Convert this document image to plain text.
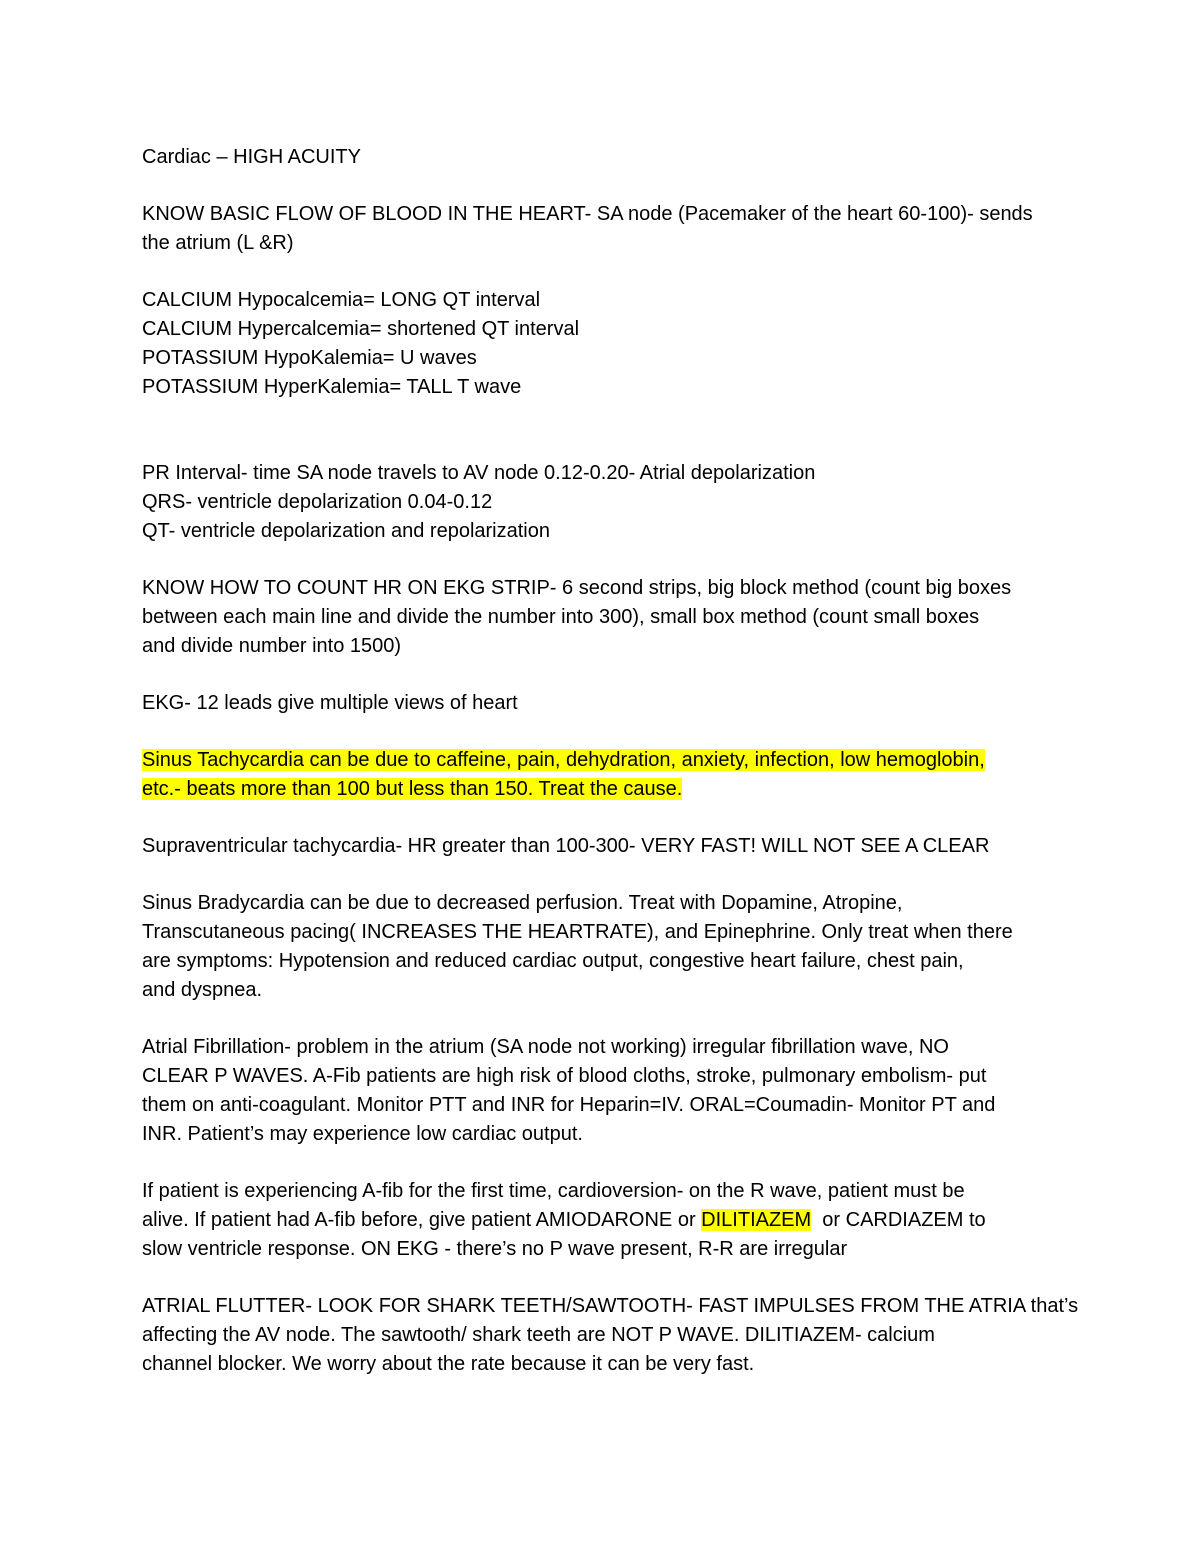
Cardiac – HIGH ACUITY

KNOW BASIC FLOW OF BLOOD IN THE HEART- SA node (Pacemaker of the heart 60-100)- sends
the atrium (L &R)

CALCIUM Hypocalcemia= LONG QT interval
CALCIUM Hypercalcemia= shortened QT interval
POTASSIUM HypoKalemia= U waves
POTASSIUM HyperKalemia= TALL T wave

PR Interval- time SA node travels to AV node 0.12-0.20- Atrial depolarization
QRS- ventricle depolarization 0.04-0.12
QT- ventricle depolarization and repolarization

KNOW HOW TO COUNT HR ON EKG STRIP- 6 second strips, big block method (count big boxes
between each main line and divide the number into 300), small box method (count small boxes
and divide number into 1500)

EKG- 12 leads give multiple views of heart

Sinus Tachycardia can be due to caffeine, pain, dehydration, anxiety, infection, low hemoglobin,
etc.- beats more than 100 but less than 150. Treat the cause.

Supraventricular tachycardia- HR greater than 100-300- VERY FAST! WILL NOT SEE A CLEAR

Sinus Bradycardia can be due to decreased perfusion. Treat with Dopamine, Atropine,
Transcutaneous pacing( INCREASES THE HEARTRATE), and Epinephrine. Only treat when there
are symptoms: Hypotension and reduced cardiac output, congestive heart failure, chest pain,
and dyspnea.

Atrial Fibrillation- problem in the atrium (SA node not working) irregular fibrillation wave, NO
CLEAR P WAVES. A-Fib patients are high risk of blood cloths, stroke, pulmonary embolism- put
them on anti-coagulant. Monitor PTT and INR for Heparin=IV. ORAL=Coumadin- Monitor PT and
INR. Patient’s may experience low cardiac output.

If patient is experiencing A-fib for the first time, cardioversion- on the R wave, patient must be
alive. If patient had A-fib before, give patient AMIODARONE or DILITIAZEM  or CARDIAZEM to
slow ventricle response. ON EKG - there’s no P wave present, R-R are irregular

ATRIAL FLUTTER- LOOK FOR SHARK TEETH/SAWTOOTH- FAST IMPULSES FROM THE ATRIA that’s
affecting the AV node. The sawtooth/ shark teeth are NOT P WAVE. DILITIAZEM- calcium
channel blocker. We worry about the rate because it can be very fast.
